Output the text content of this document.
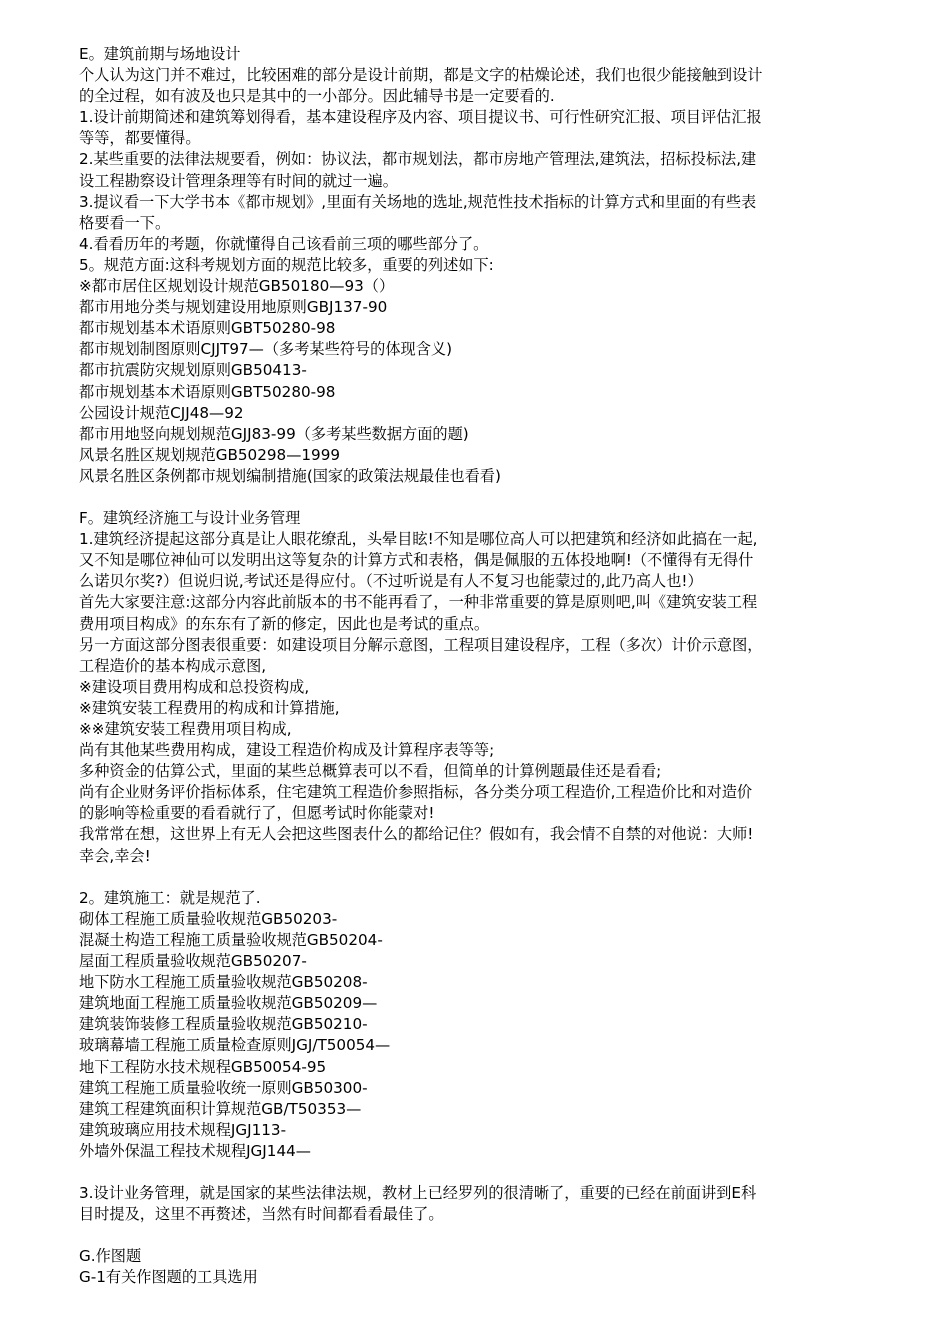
E。建筑前期与场地设计
个人认为这门并不难过，比较困难的部分是设计前期，都是文字的枯燥论述，我们也很少能接触到设计
的全过程，如有波及也只是其中的一小部分。因此辅导书是一定要看的.
1.设计前期简述和建筑筹划得看，基本建设程序及内容、项目提议书、可行性研究汇报、项目评估汇报
等等，都要懂得。
2.某些重要的法律法规要看，例如：协议法，都市规划法，都市房地产管理法,建筑法，招标投标法,建
设工程勘察设计管理条理等有时间的就过一遍。
3.提议看一下大学书本《都市规划》,里面有关场地的选址,规范性技术指标的计算方式和里面的有些表
格要看一下。
4.看看历年的考题，你就懂得自己该看前三项的哪些部分了。
5。规范方面:这科考规划方面的规范比较多，重要的列述如下:
※都市居住区规划设计规范GB50180—93（）
都市用地分类与规划建设用地原则GBJ137-90
都市规划基本术语原则GBT50280-98
都市规划制图原则CJJT97—（多考某些符号的体现含义)
都市抗震防灾规划原则GB50413-
都市规划基本术语原则GBT50280-98
公园设计规范CJJ48—92
都市用地竖向规划规范GJJ83-99（多考某些数据方面的题)
风景名胜区规划规范GB50298—1999
风景名胜区条例都市规划编制措施(国家的政策法规最佳也看看)
F。建筑经济施工与设计业务管理
1.建筑经济提起这部分真是让人眼花缭乱，头晕目眩!不知是哪位高人可以把建筑和经济如此搞在一起,
又不知是哪位神仙可以发明出这等复杂的计算方式和表格，偶是佩服的五体投地啊!（不懂得有无得什
么诺贝尔奖?）但说归说,考试还是得应付。（不过听说是有人不复习也能蒙过的,此乃高人也!）
首先大家要注意:这部分内容此前版本的书不能再看了，一种非常重要的算是原则吧,叫《建筑安装工程
费用项目构成》的东东有了新的修定，因此也是考试的重点。
另一方面这部分图表很重要：如建设项目分解示意图，工程项目建设程序，工程（多次）计价示意图，
工程造价的基本构成示意图,
※建设项目费用构成和总投资构成,
※建筑安装工程费用的构成和计算措施,
※※建筑安装工程费用项目构成,
尚有其他某些费用构成，建设工程造价构成及计算程序表等等;
多种资金的估算公式，里面的某些总概算表可以不看，但简单的计算例题最佳还是看看;
尚有企业财务评价指标体系，住宅建筑工程造价参照指标，各分类分项工程造价,工程造价比和对造价
的影响等检重要的看看就行了，但愿考试时你能蒙对!
我常常在想，这世界上有无人会把这些图表什么的都给记住？假如有，我会情不自禁的对他说：大师!
幸会,幸会!
2。建筑施工：就是规范了.
砌体工程施工质量验收规范GB50203-
混凝土构造工程施工质量验收规范GB50204-
屋面工程质量验收规范GB50207-
地下防水工程施工质量验收规范GB50208-
建筑地面工程施工质量验收规范GB50209—
建筑装饰装修工程质量验收规范GB50210-
玻璃幕墙工程施工质量检查原则JGJ/T50054—
地下工程防水技术规程GB50054-95
建筑工程施工质量验收统一原则GB50300-
建筑工程建筑面积计算规范GB/T50353—
建筑玻璃应用技术规程JGJ113-
外墙外保温工程技术规程JGJ144—
3.设计业务管理，就是国家的某些法律法规，教材上已经罗列的很清晰了，重要的已经在前面讲到E科
目时提及，这里不再赘述，当然有时间都看看最佳了。
G.作图题
G-1有关作图题的工具选用
